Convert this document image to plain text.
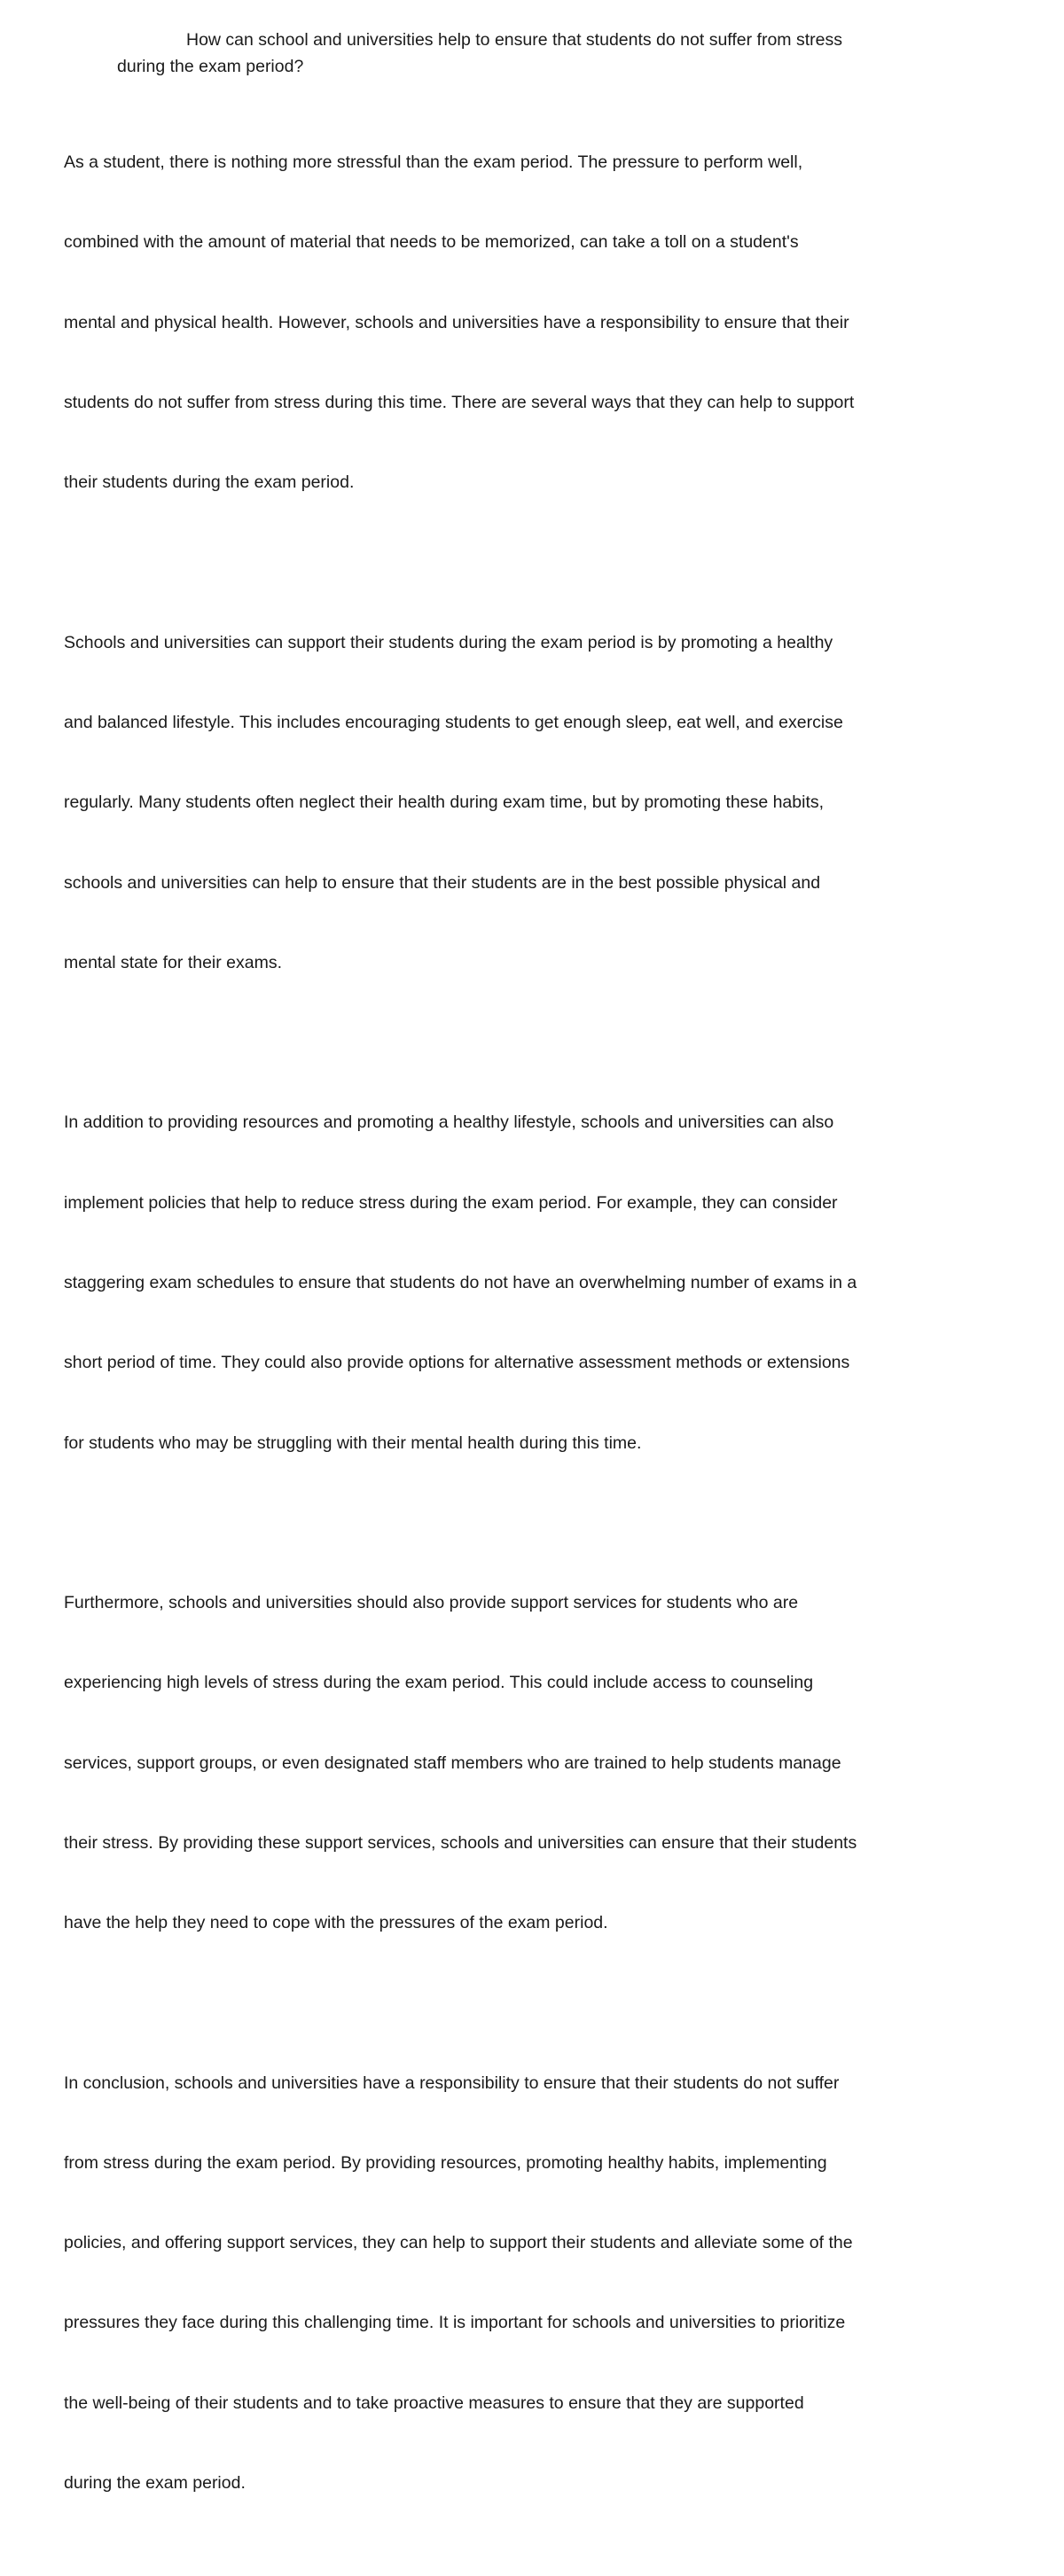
How can school and universities help to ensure that students do not suffer from stress
during the exam period?

As a student, there is nothing more stressful than the exam period. The pressure to perform well,

combined with the amount of material that needs to be memorized, can take a toll on a student's

mental and physical health. However, schools and universities have a responsibility to ensure that their

students do not suffer from stress during this time. There are several ways that they can help to support

their students during the exam period.

Schools and universities can support their students during the exam period is by promoting a healthy

and balanced lifestyle. This includes encouraging students to get enough sleep, eat well, and exercise

regularly. Many students often neglect their health during exam time, but by promoting these habits,

schools and universities can help to ensure that their students are in the best possible physical and

mental state for their exams.

In addition to providing resources and promoting a healthy lifestyle, schools and universities can also

implement policies that help to reduce stress during the exam period. For example, they can consider

staggering exam schedules to ensure that students do not have an overwhelming number of exams in a

short period of time. They could also provide options for alternative assessment methods or extensions

for students who may be struggling with their mental health during this time.

Furthermore, schools and universities should also provide support services for students who are

experiencing high levels of stress during the exam period. This could include access to counseling

services, support groups, or even designated staff members who are trained to help students manage

their stress. By providing these support services, schools and universities can ensure that their students

have the help they need to cope with the pressures of the exam period.

In conclusion, schools and universities have a responsibility to ensure that their students do not suffer

from stress during the exam period. By providing resources, promoting healthy habits, implementing

policies, and offering support services, they can help to support their students and alleviate some of the

pressures they face during this challenging time. It is important for schools and universities to prioritize

the well-being of their students and to take proactive measures to ensure that they are supported

during the exam period.
